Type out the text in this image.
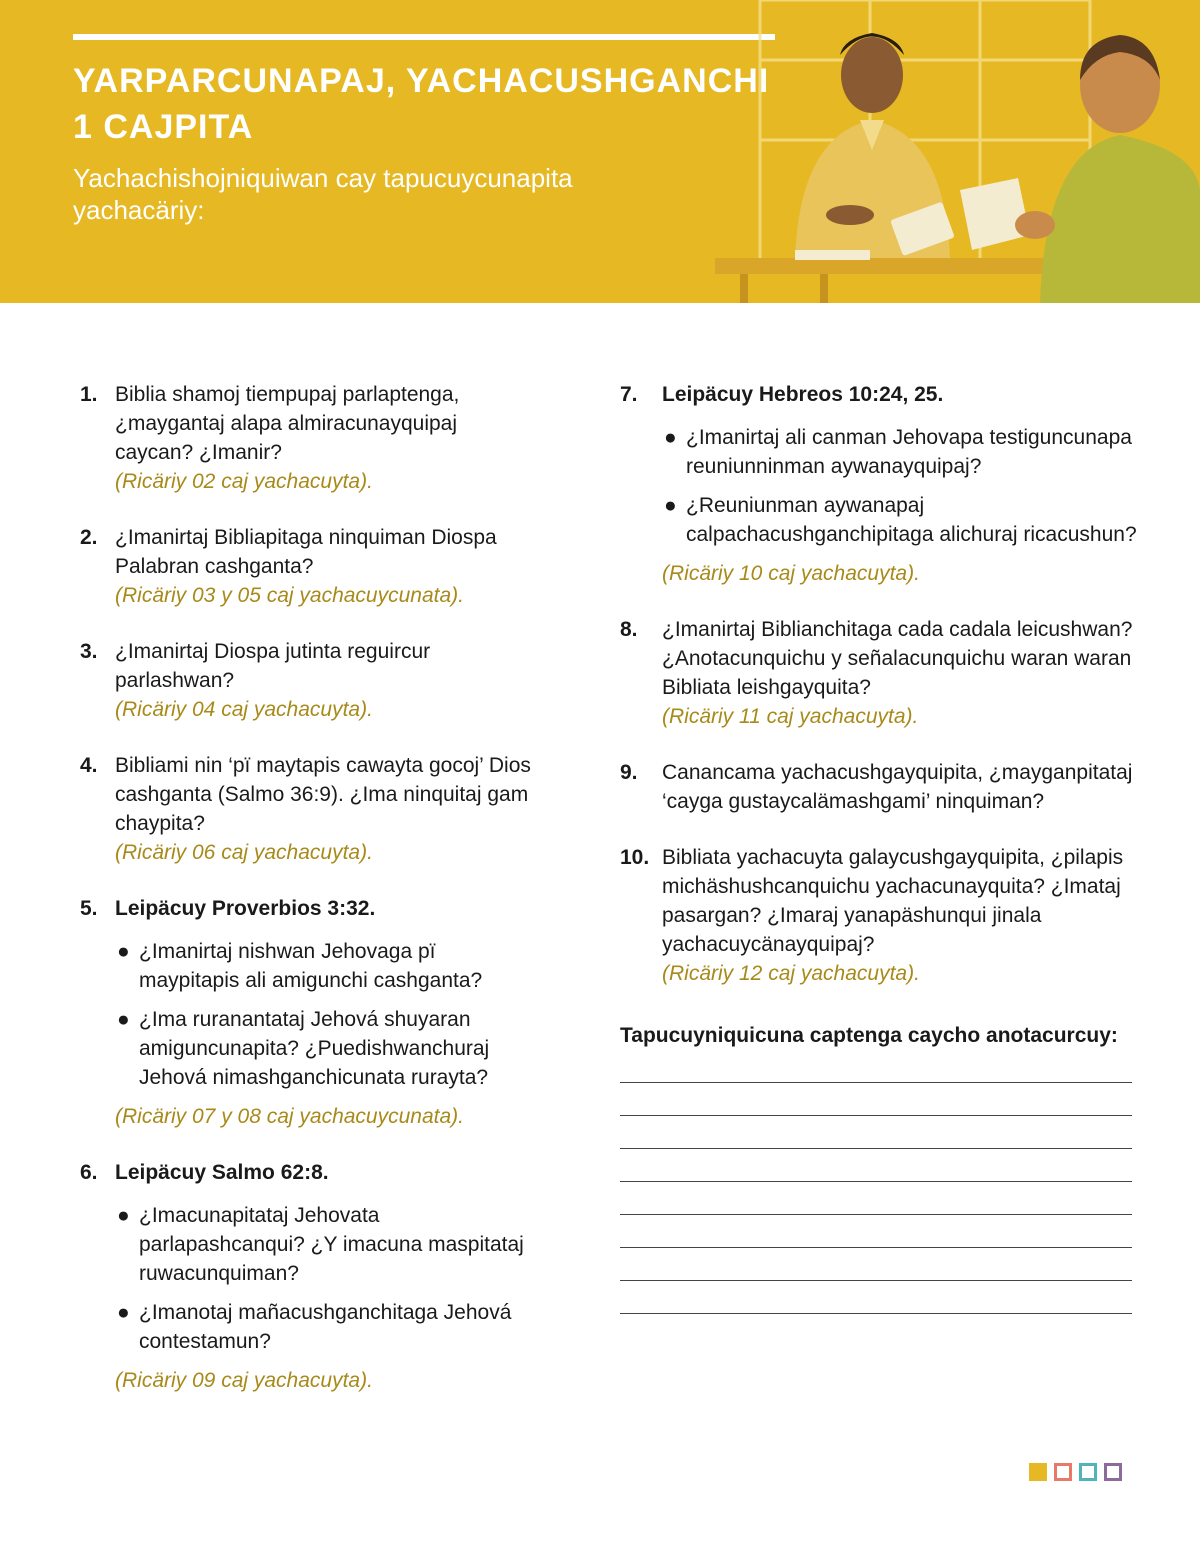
YARPARCUNAPAJ, YACHACUSHGANCHI
1 CAJPITA
Yachachishojniquiwan cay tapucuycunapita yachacäriy:
1. Biblia shamoj tiempupaj parlaptenga, ¿maygantaj alapa almiracunayquipaj caycan? ¿Imanir?
(Ricäriy 02 caj yachacuyta).
2. ¿Imanirtaj Bibliapitaga ninquiman Diospa Palabran cashganta?
(Ricäriy 03 y 05 caj yachacuycunata).
3. ¿Imanirtaj Diospa jutinta reguircur parlashwan?
(Ricäriy 04 caj yachacuyta).
4. Bibliami nin ‘pï maytapis cawayta gocoj’ Dios cashganta (Salmo 36:9). ¿Ima ninquitaj gam chaypita?
(Ricäriy 06 caj yachacuyta).
5. Leipäcuy Proverbios 3:32.
● ¿Imanirtaj nishwan Jehovaga pï maypitapis ali amigunchi cashganta?
● ¿Ima ruranantataj Jehová shuyaran amiguncunapita? ¿Puedishwanchuraj Jehová nimashganchicunata rurayta?
(Ricäriy 07 y 08 caj yachacuycunata).
6. Leipäcuy Salmo 62:8.
● ¿Imacunapitataj Jehovata parlapashcanqui? ¿Y imacuna maspitataj ruwacunquiman?
● ¿Imanotaj mañacushganchitaga Jehová contestamun?
(Ricäriy 09 caj yachacuyta).
7. Leipäcuy Hebreos 10:24, 25.
● ¿Imanirtaj ali canman Jehovapa testiguncunapa reuniunninman aywanayquipaj?
● ¿Reuniunman aywanapaj calpachacushganchipitaga alichuraj ricacushun?
(Ricäriy 10 caj yachacuyta).
8. ¿Imanirtaj Biblianchitaga cada cadala leicushwan? ¿Anotacunquichu y señalacunquichu waran waran Bibliata leishgayquita?
(Ricäriy 11 caj yachacuyta).
9. Canancama yachacushgayquipita, ¿mayganpitataj ‘cayga gustaycalämashgami’ ninquiman?
10. Bibliata yachacuyta galaycushgayquipita, ¿pilapis michäshushcanquichu yachacunayquita? ¿Imataj pasargan? ¿Imaraj yanapäshunqui jinala yachacuycänayquipaj?
(Ricäriy 12 caj yachacuyta).
Tapucuyniquicuna captenga caycho anotacurcuy:
